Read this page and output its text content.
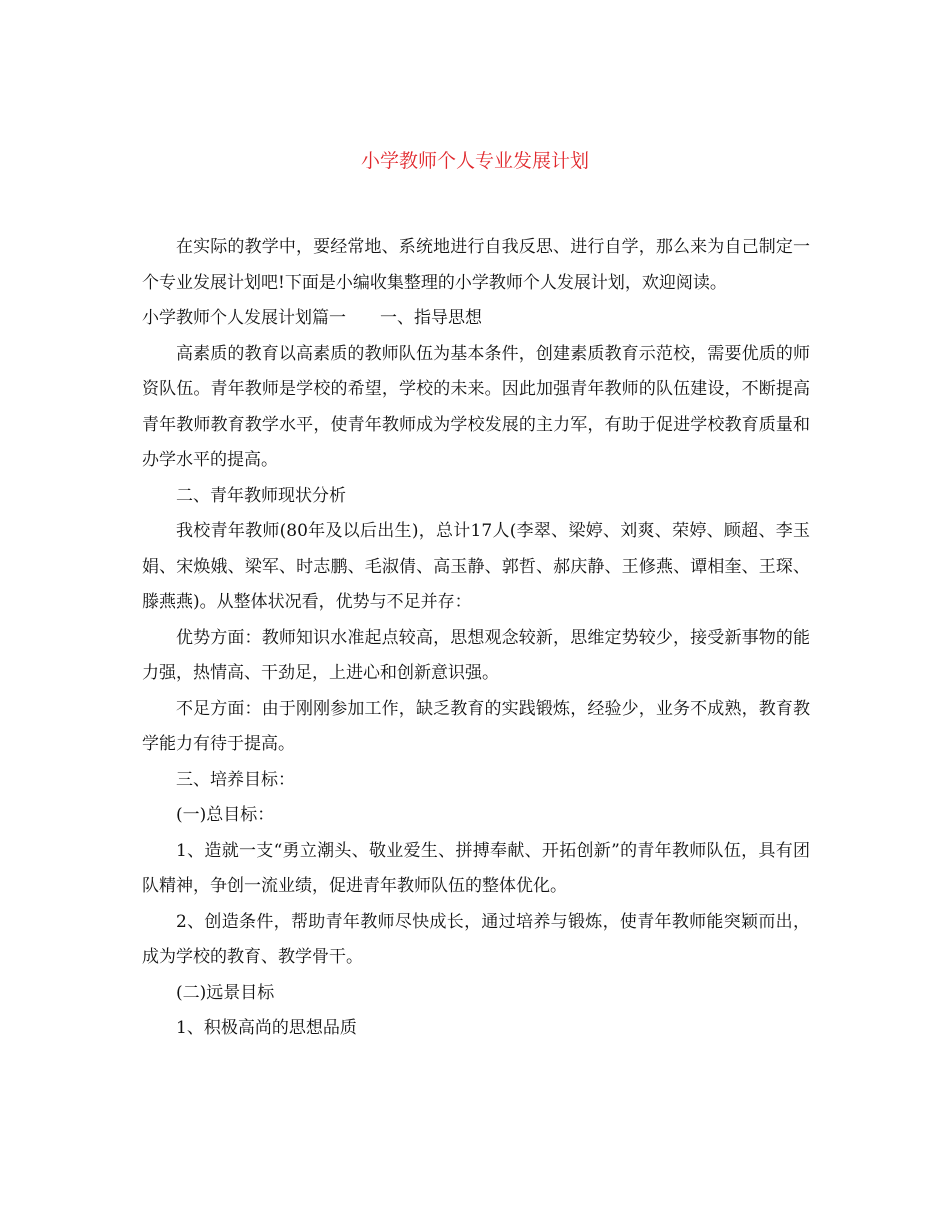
小学教师个人专业发展计划

在实际的教学中，要经常地、系统地进行自我反思、进行自学，那么来为自己制定一个专业发展计划吧!下面是小编收集整理的小学教师个人发展计划，欢迎阅读。

小学教师个人发展计划篇一 一、指导思想

高素质的教育以高素质的教师队伍为基本条件，创建素质教育示范校，需要优质的师资队伍。青年教师是学校的希望，学校的未来。因此加强青年教师的队伍建设，不断提高青年教师教育教学水平，使青年教师成为学校发展的主力军，有助于促进学校教育质量和办学水平的提高。

二、青年教师现状分析

我校青年教师(80年及以后出生)，总计17人(李翠、梁婷、刘爽、荣婷、顾超、李玉娟、宋焕娥、梁军、时志鹏、毛淑倩、高玉静、郭哲、郝庆静、王修燕、谭相奎、王琛、滕燕燕)。从整体状况看，优势与不足并存：

优势方面：教师知识水准起点较高，思想观念较新，思维定势较少，接受新事物的能力强，热情高、干劲足，上进心和创新意识强。

不足方面：由于刚刚参加工作，缺乏教育的实践锻炼，经验少，业务不成熟，教育教学能力有待于提高。

三、培养目标：

(一)总目标：

1、造就一支“勇立潮头、敬业爱生、拼搏奉献、开拓创新”的青年教师队伍，具有团队精神，争创一流业绩，促进青年教师队伍的整体优化。

2、创造条件，帮助青年教师尽快成长，通过培养与锻炼，使青年教师能突颖而出，成为学校的教育、教学骨干。

(二)远景目标

1、积极高尚的思想品质
